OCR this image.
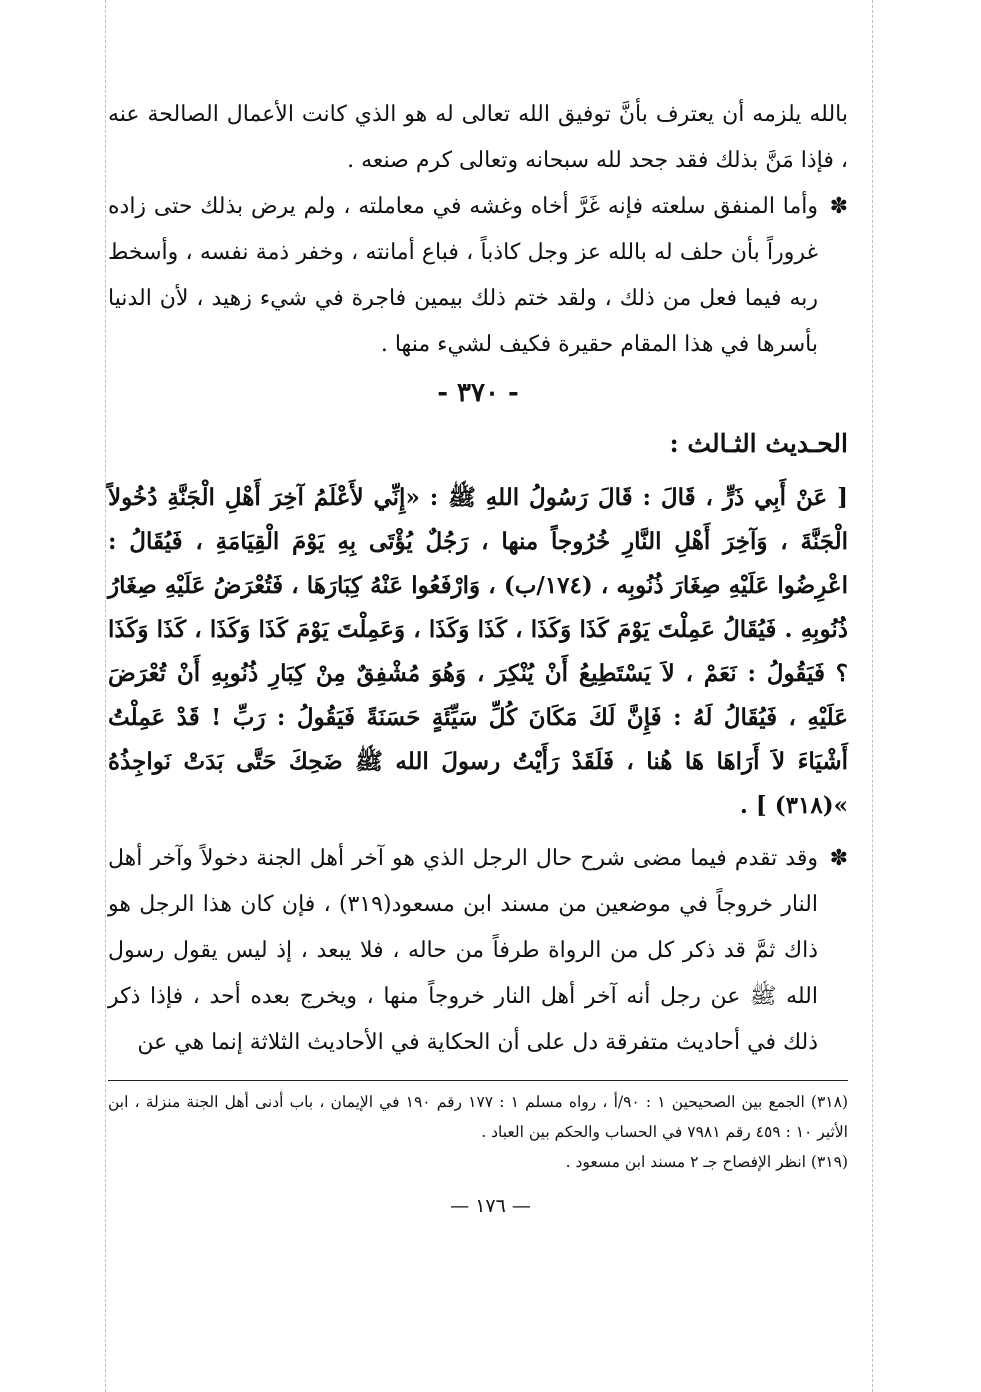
بالله يلزمه أن يعترف بأنَّ توفيق الله تعالى له هو الذي كانت الأعمال الصالحة عنه ، فإذا مَنَّ بذلك فقد جحد لله سبحانه وتعالى كرم صنعه .

✽
وأما المنفق سلعته فإنه غَرَّ أخاه وغشه في معاملته ، ولم يرض بذلك حتى زاده غروراً بأن حلف له بالله عز وجل كاذباً ، فباع أمانته ، وخفر ذمة نفسه ، وأسخط ربه فيما فعل من ذلك ، ولقد ختم ذلك بيمين فاجرة في شيء زهيد ، لأن الدنيا بأسرها في هذا المقام حقيرة فكيف لشيء منها .
- ٣٧٠ -
الحـديث الثـالث :

[ عَنْ أَبِي ذَرٍّ ، قَالَ : قَالَ رَسُولُ اللهِ ﷺ : «إِنِّي لأَعْلَمُ آخِرَ أَهْلِ الْجَنَّةِ دُخُولاً الْجَنَّةَ ، وَآخِرَ أَهْلِ النَّارِ خُرُوجاً منها ، رَجُلٌ يُؤْتَى بِهِ يَوْمَ الْقِيَامَةِ ، فَيُقَالُ : اعْرِضُوا عَلَيْهِ صِغَارَ ذُنُوبِه ، (١٧٤/ب) ، وَارْفَعُوا عَنْهُ كِبَارَهَا ، فَتُعْرَضُ عَلَيْهِ صِغَارُ ذُنُوبِهِ . فَيُقَالُ عَمِلْتَ يَوْمَ كَذَا وَكَذَا ، كَذَا وَكَذَا ، وَعَمِلْتَ يَوْمَ كَذَا وَكَذَا ، كَذَا وَكَذَا ؟ فَيَقُولُ : نَعَمْ ، لاَ يَسْتَطِيعُ أَنْ يُنْكِرَ ، وَهُوَ مُشْفِقٌ مِنْ كِبَارِ ذُنُوبِهِ أَنْ تُعْرَضَ عَلَيْهِ ، فَيُقَالُ لَهُ : فَإِنَّ لَكَ مَكَانَ كُلِّ سَيِّئَةٍ حَسَنَةً فَيَقُولُ : رَبِّ ! قَدْ عَمِلْتُ أَشْيَاءَ لاَ أَرَاهَا هَا هُنا ، فَلَقَدْ رَأَيْتُ رسولَ الله ﷺ ضَحِكَ حَتَّى بَدَتْ نَواجِذُهُ »(٣١٨) ] .

✽
وقد تقدم فيما مضى شرح حال الرجل الذي هو آخر أهل الجنة دخولاً وآخر أهل النار خروجاً في موضعين من مسند ابن مسعود(٣١٩) ، فإن كان هذا الرجل هو ذاك ثمَّ قد ذكر كل من الرواة طرفاً من حاله ، فلا يبعد ، إذ ليس يقول رسول الله ﷺ عن رجل أنه آخر أهل النار خروجاً منها ، ويخرج بعده أحد ، فإذا ذكر ذلك في أحاديث متفرقة دل على أن الحكاية في الأحاديث الثلاثة إنما هي عن

(٣١٨) الجمع بين الصحيحين ١ : ٩٠/أ ، رواه مسلم ١ : ١٧٧ رقم ١٩٠ في الإيمان ، باب أدنى أهل الجنة منزلة ، ابن الأثير ١٠ : ٤٥٩ رقم ٧٩٨١ في الحساب والحكم بين العباد .

(٣١٩) انظر الإفصاح جـ ٢ مسند ابن مسعود .

— ١٧٦ —
